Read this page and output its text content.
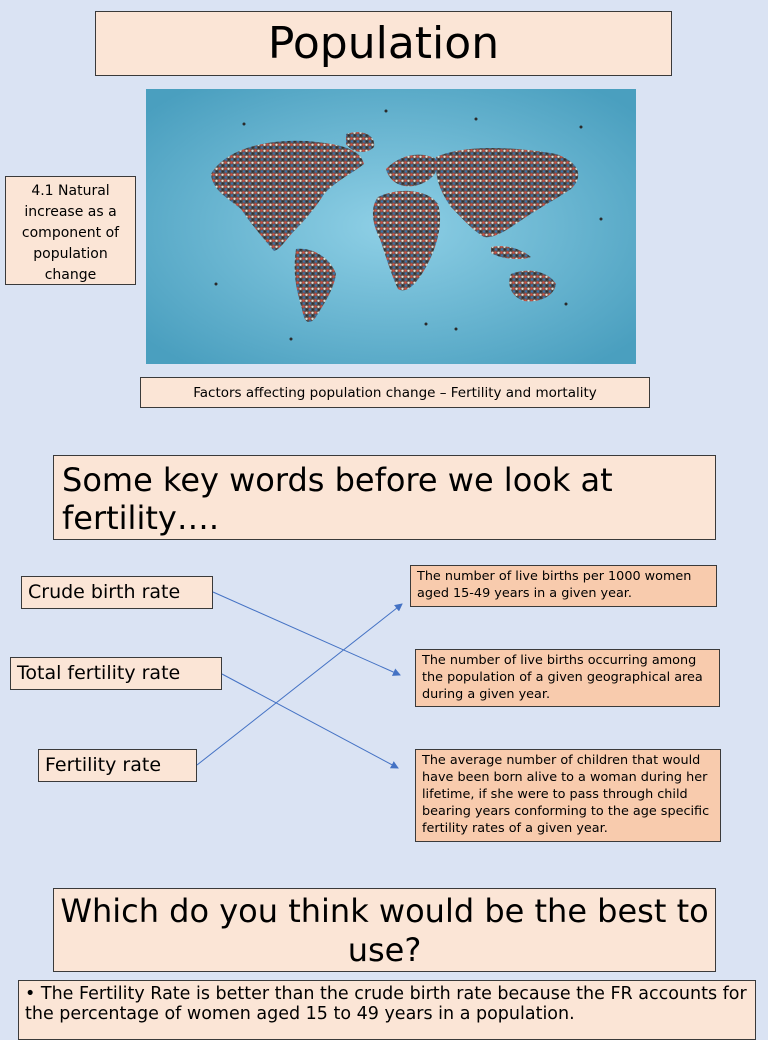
Population
4.1 Natural increase as a component of population change
Factors affecting population change – Fertility and mortality
Some key words before we look at fertility….
Crude birth rate
Total fertility rate
Fertility rate
The number of live births per 1000 women aged 15-49 years in a given year.
The number of live births occurring among the population of a given geographical area during a given year.
The average number of children that would have been born alive to a woman during her lifetime, if she were to pass through child bearing years conforming to the age specific fertility rates of a given year.
Which do you think would be the best to use?
• The Fertility Rate is better than the crude birth rate because the FR accounts for the percentage of women aged 15 to 49 years in a population.
